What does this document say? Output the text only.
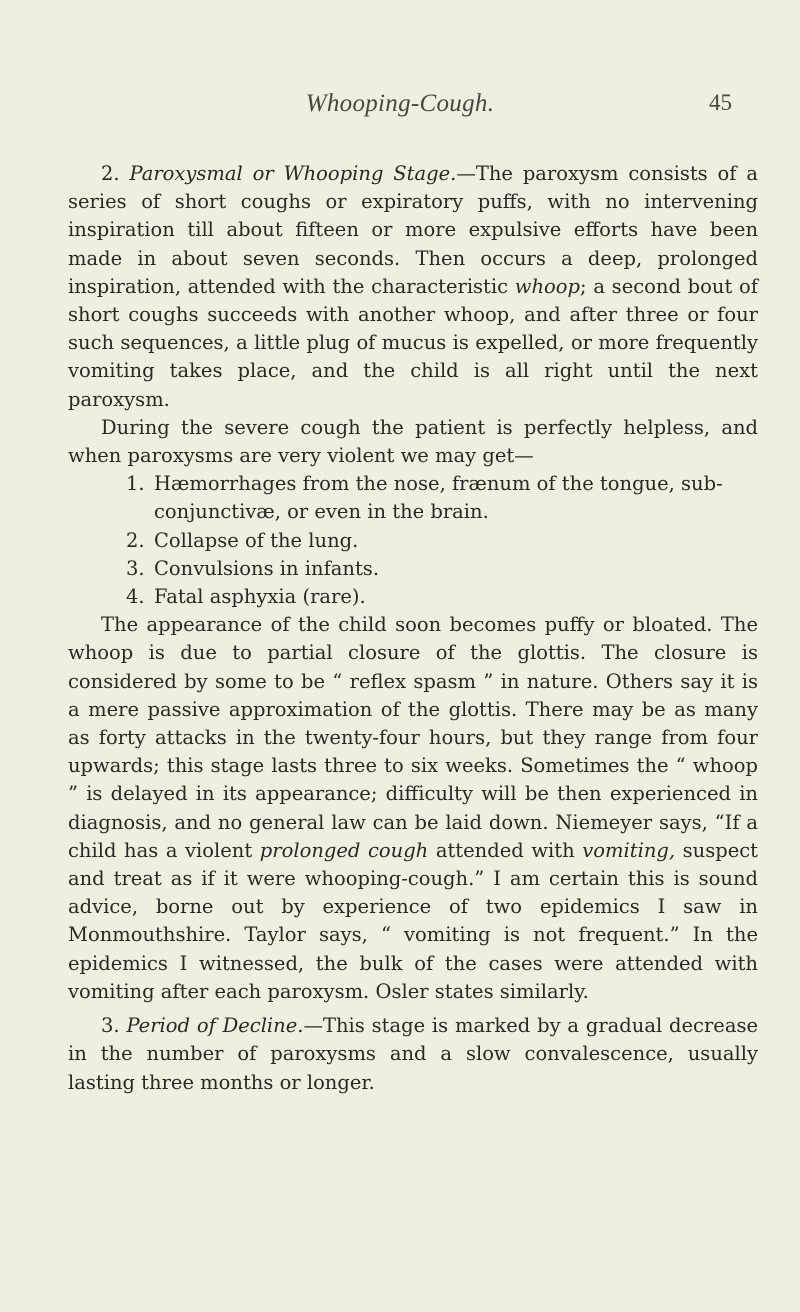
Whooping-Cough.	45

2. Paroxysmal or Whooping Stage.—The paroxysm consists of a series of short coughs or expiratory puffs, with no intervening inspiration till about fifteen or more expulsive efforts have been made in about seven seconds. Then occurs a deep, prolonged inspiration, attended with the characteristic whoop; a second bout of short coughs succeeds with another whoop, and after three or four such sequences, a little plug of mucus is expelled, or more frequently vomiting takes place, and the child is all right until the next paroxysm.

During the severe cough the patient is perfectly helpless, and when paroxysms are very violent we may get—

1. Hæmorrhages from the nose, frænum of the tongue, sub-conjunctivæ, or even in the brain.
2. Collapse of the lung.
3. Convulsions in infants.
4. Fatal asphyxia (rare).

The appearance of the child soon becomes puffy or bloated. The whoop is due to partial closure of the glottis. The closure is considered by some to be “ reflex spasm ” in nature. Others say it is a mere passive approximation of the glottis. There may be as many as forty attacks in the twenty-four hours, but they range from four upwards; this stage lasts three to six weeks. Sometimes the “ whoop ” is delayed in its appearance; difficulty will be then experienced in diagnosis, and no general law can be laid down. Niemeyer says, “If a child has a violent prolonged cough attended with vomiting, suspect and treat as if it were whooping-cough.” I am certain this is sound advice, borne out by experience of two epidemics I saw in Monmouthshire. Taylor says, “ vomiting is not frequent.” In the epidemics I witnessed, the bulk of the cases were attended with vomiting after each paroxysm. Osler states similarly.

3. Period of Decline.—This stage is marked by a gradual decrease in the number of paroxysms and a slow convalescence, usually lasting three months or longer.
